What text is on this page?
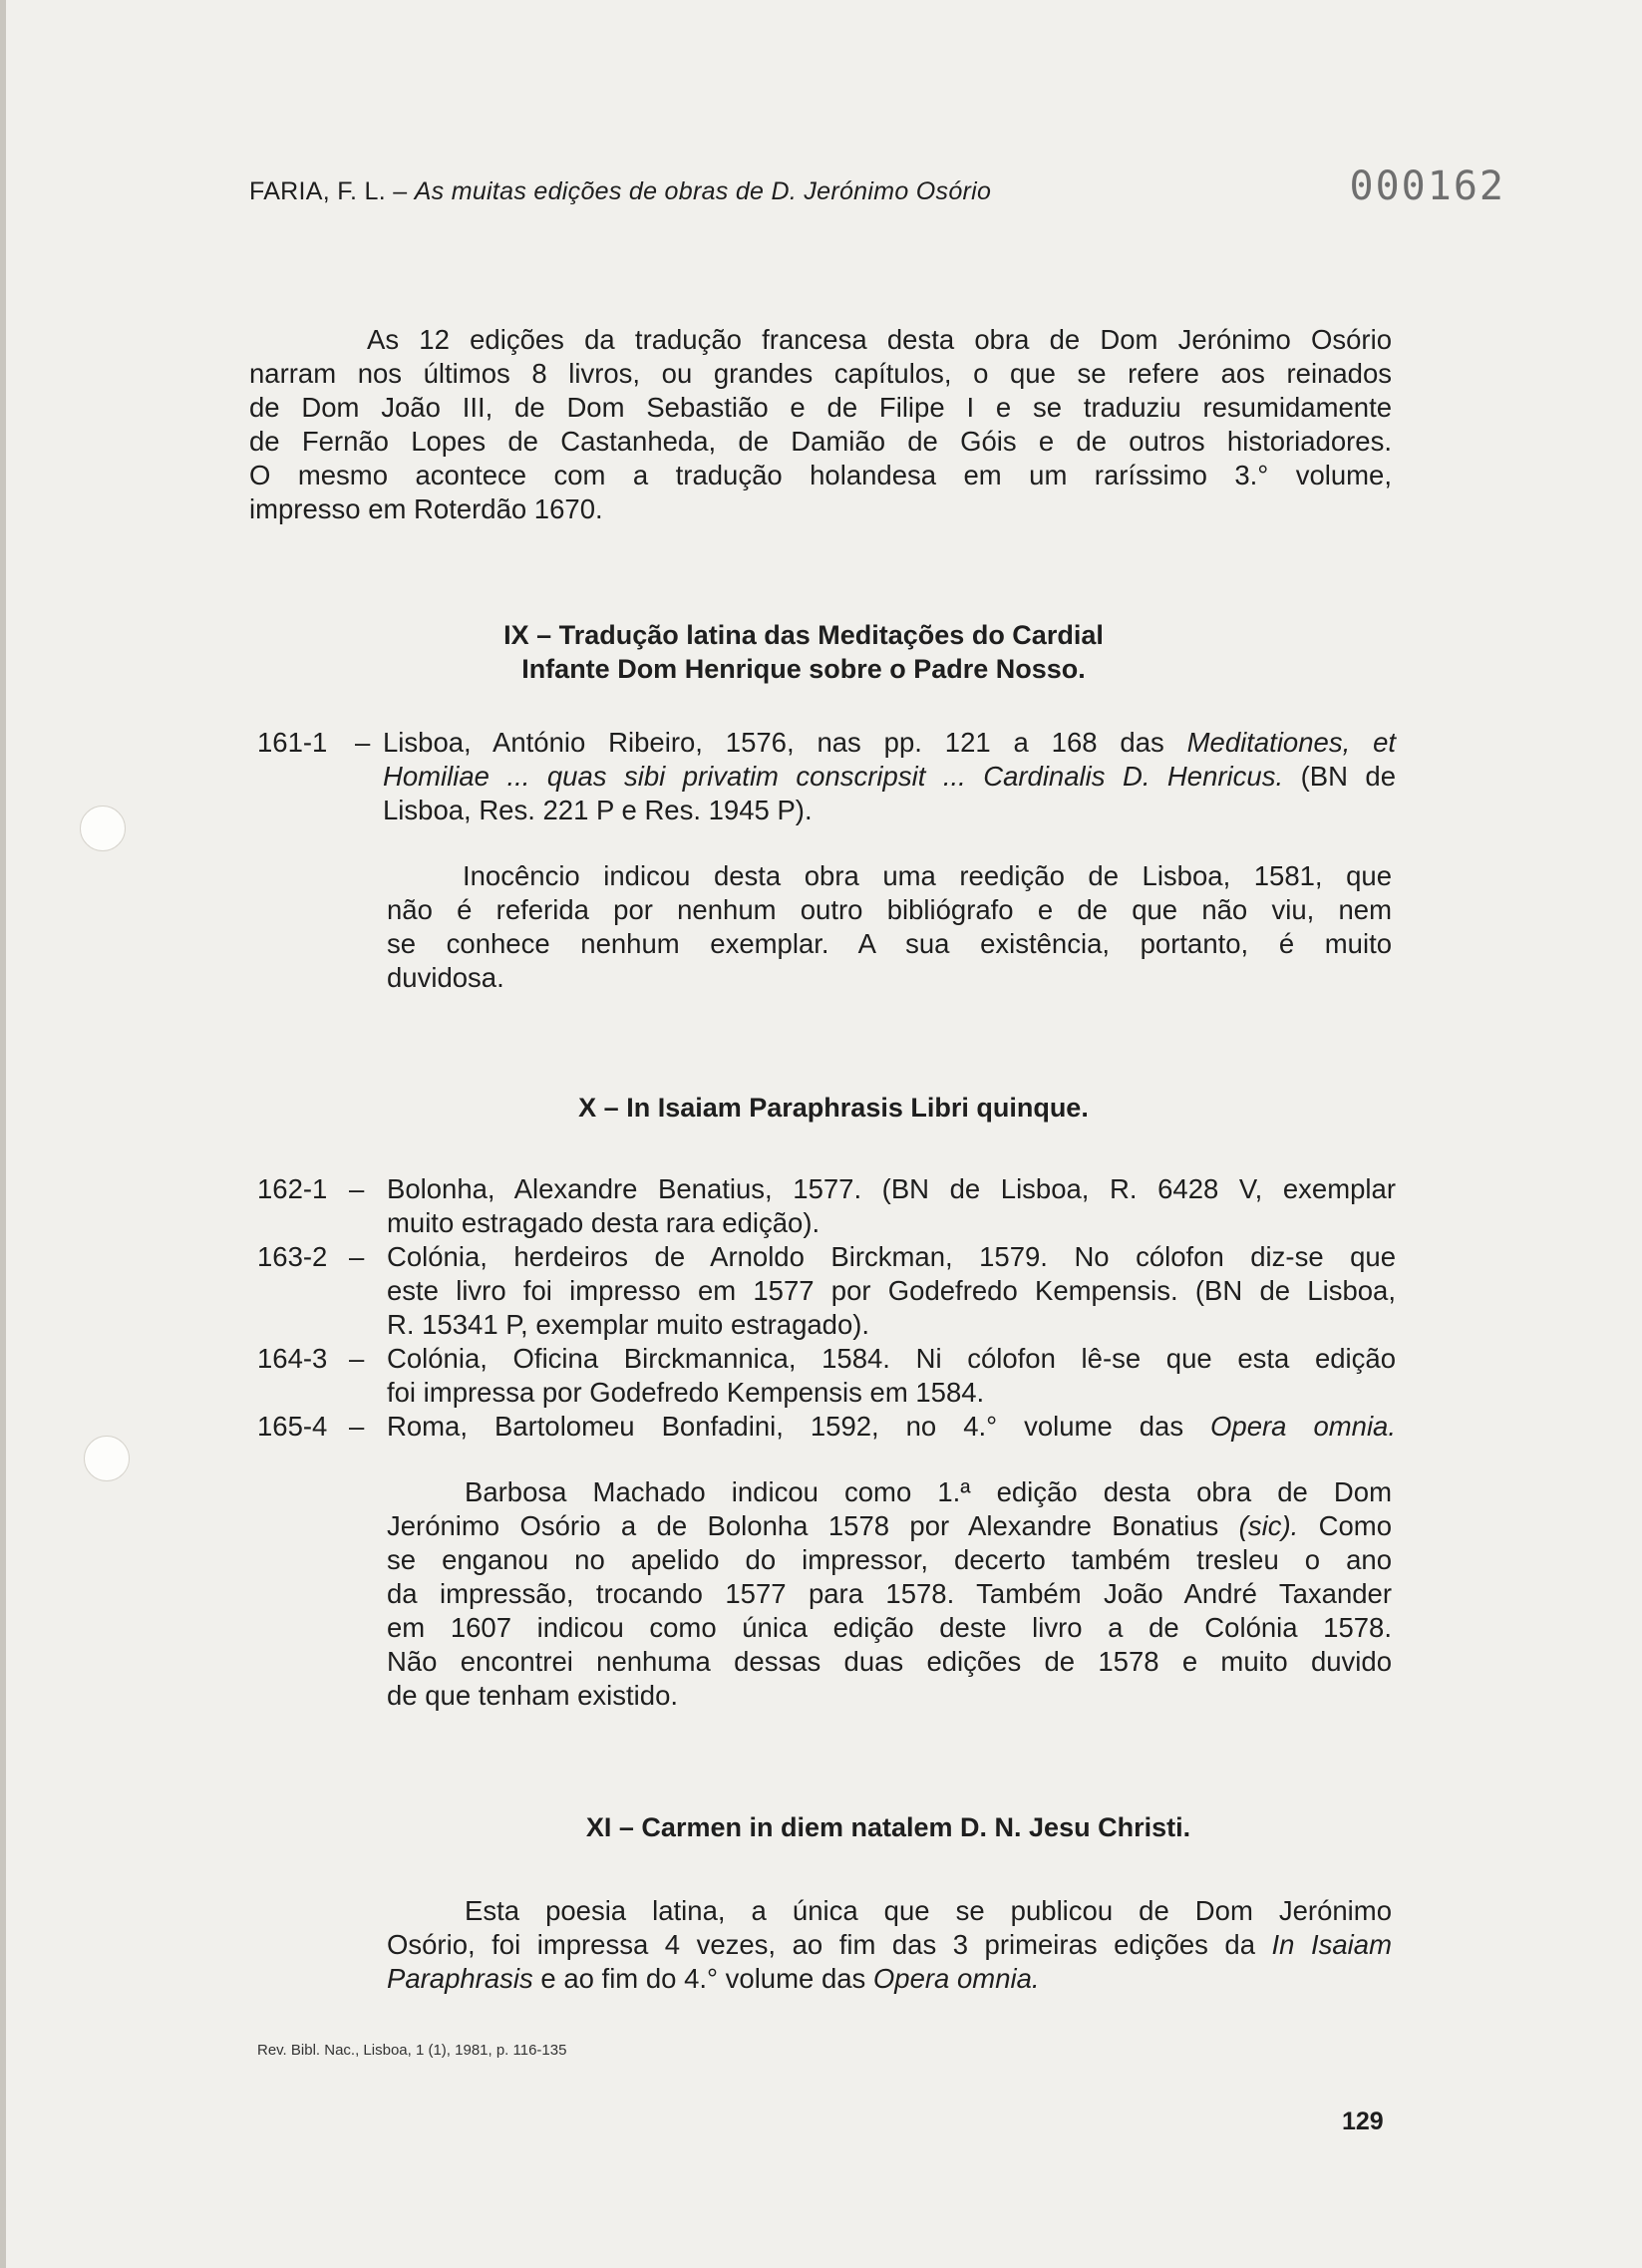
FARIA, F. L. – As muitas edições de obras de D. Jerónimo Osório	000162
As 12 edições da tradução francesa desta obra de Dom Jerónimo Osório
narram nos últimos 8 livros, ou grandes capítulos, o que se refere aos reinados
de Dom João III, de Dom Sebastião e de Filipe I e se traduziu resumidamente
de Fernão Lopes de Castanheda, de Damião de Góis e de outros historiadores.
O mesmo acontece com a tradução holandesa em um raríssimo 3.° volume,
impresso em Roterdão 1670.
IX – Tradução latina das Meditações do Cardial
Infante Dom Henrique sobre o Padre Nosso.
161-1 – Lisboa, António Ribeiro, 1576, nas pp. 121 a 168 das Meditationes, et
Homiliae ... quas sibi privatim conscripsit ... Cardinalis D. Henricus. (BN de
Lisboa, Res. 221 P e Res. 1945 P).
Inocêncio indicou desta obra uma reedição de Lisboa, 1581, que
não é referida por nenhum outro bibliógrafo e de que não viu, nem
se conhece nenhum exemplar. A sua existência, portanto, é muito
duvidosa.
X – In Isaiam Paraphrasis Libri quinque.
162-1 – Bolonha, Alexandre Benatius, 1577. (BN de Lisboa, R. 6428 V, exemplar
muito estragado desta rara edição).
163-2 – Colónia, herdeiros de Arnoldo Birckman, 1579. No cólofon diz-se que
este livro foi impresso em 1577 por Godefredo Kempensis. (BN de Lisboa,
R. 15341 P, exemplar muito estragado).
164-3 – Colónia, Oficina Birckmannica, 1584. Ni cólofon lê-se que esta edição
foi impressa por Godefredo Kempensis em 1584.
165-4 – Roma, Bartolomeu Bonfadini, 1592, no 4.° volume das Opera omnia.
Barbosa Machado indicou como 1.ª edição desta obra de Dom
Jerónimo Osório a de Bolonha 1578 por Alexandre Bonatius (sic). Como
se enganou no apelido do impressor, decerto também tresleu o ano
da impressão, trocando 1577 para 1578. Também João André Taxander
em 1607 indicou como única edição deste livro a de Colónia 1578.
Não encontrei nenhuma dessas duas edições de 1578 e muito duvido
de que tenham existido.
XI – Carmen in diem natalem D. N. Jesu Christi.
Esta poesia latina, a única que se publicou de Dom Jerónimo
Osório, foi impressa 4 vezes, ao fim das 3 primeiras edições da In Isaiam
Paraphrasis e ao fim do 4.° volume das Opera omnia.
Rev. Bibl. Nac., Lisboa, 1 (1), 1981, p. 116-135
129
